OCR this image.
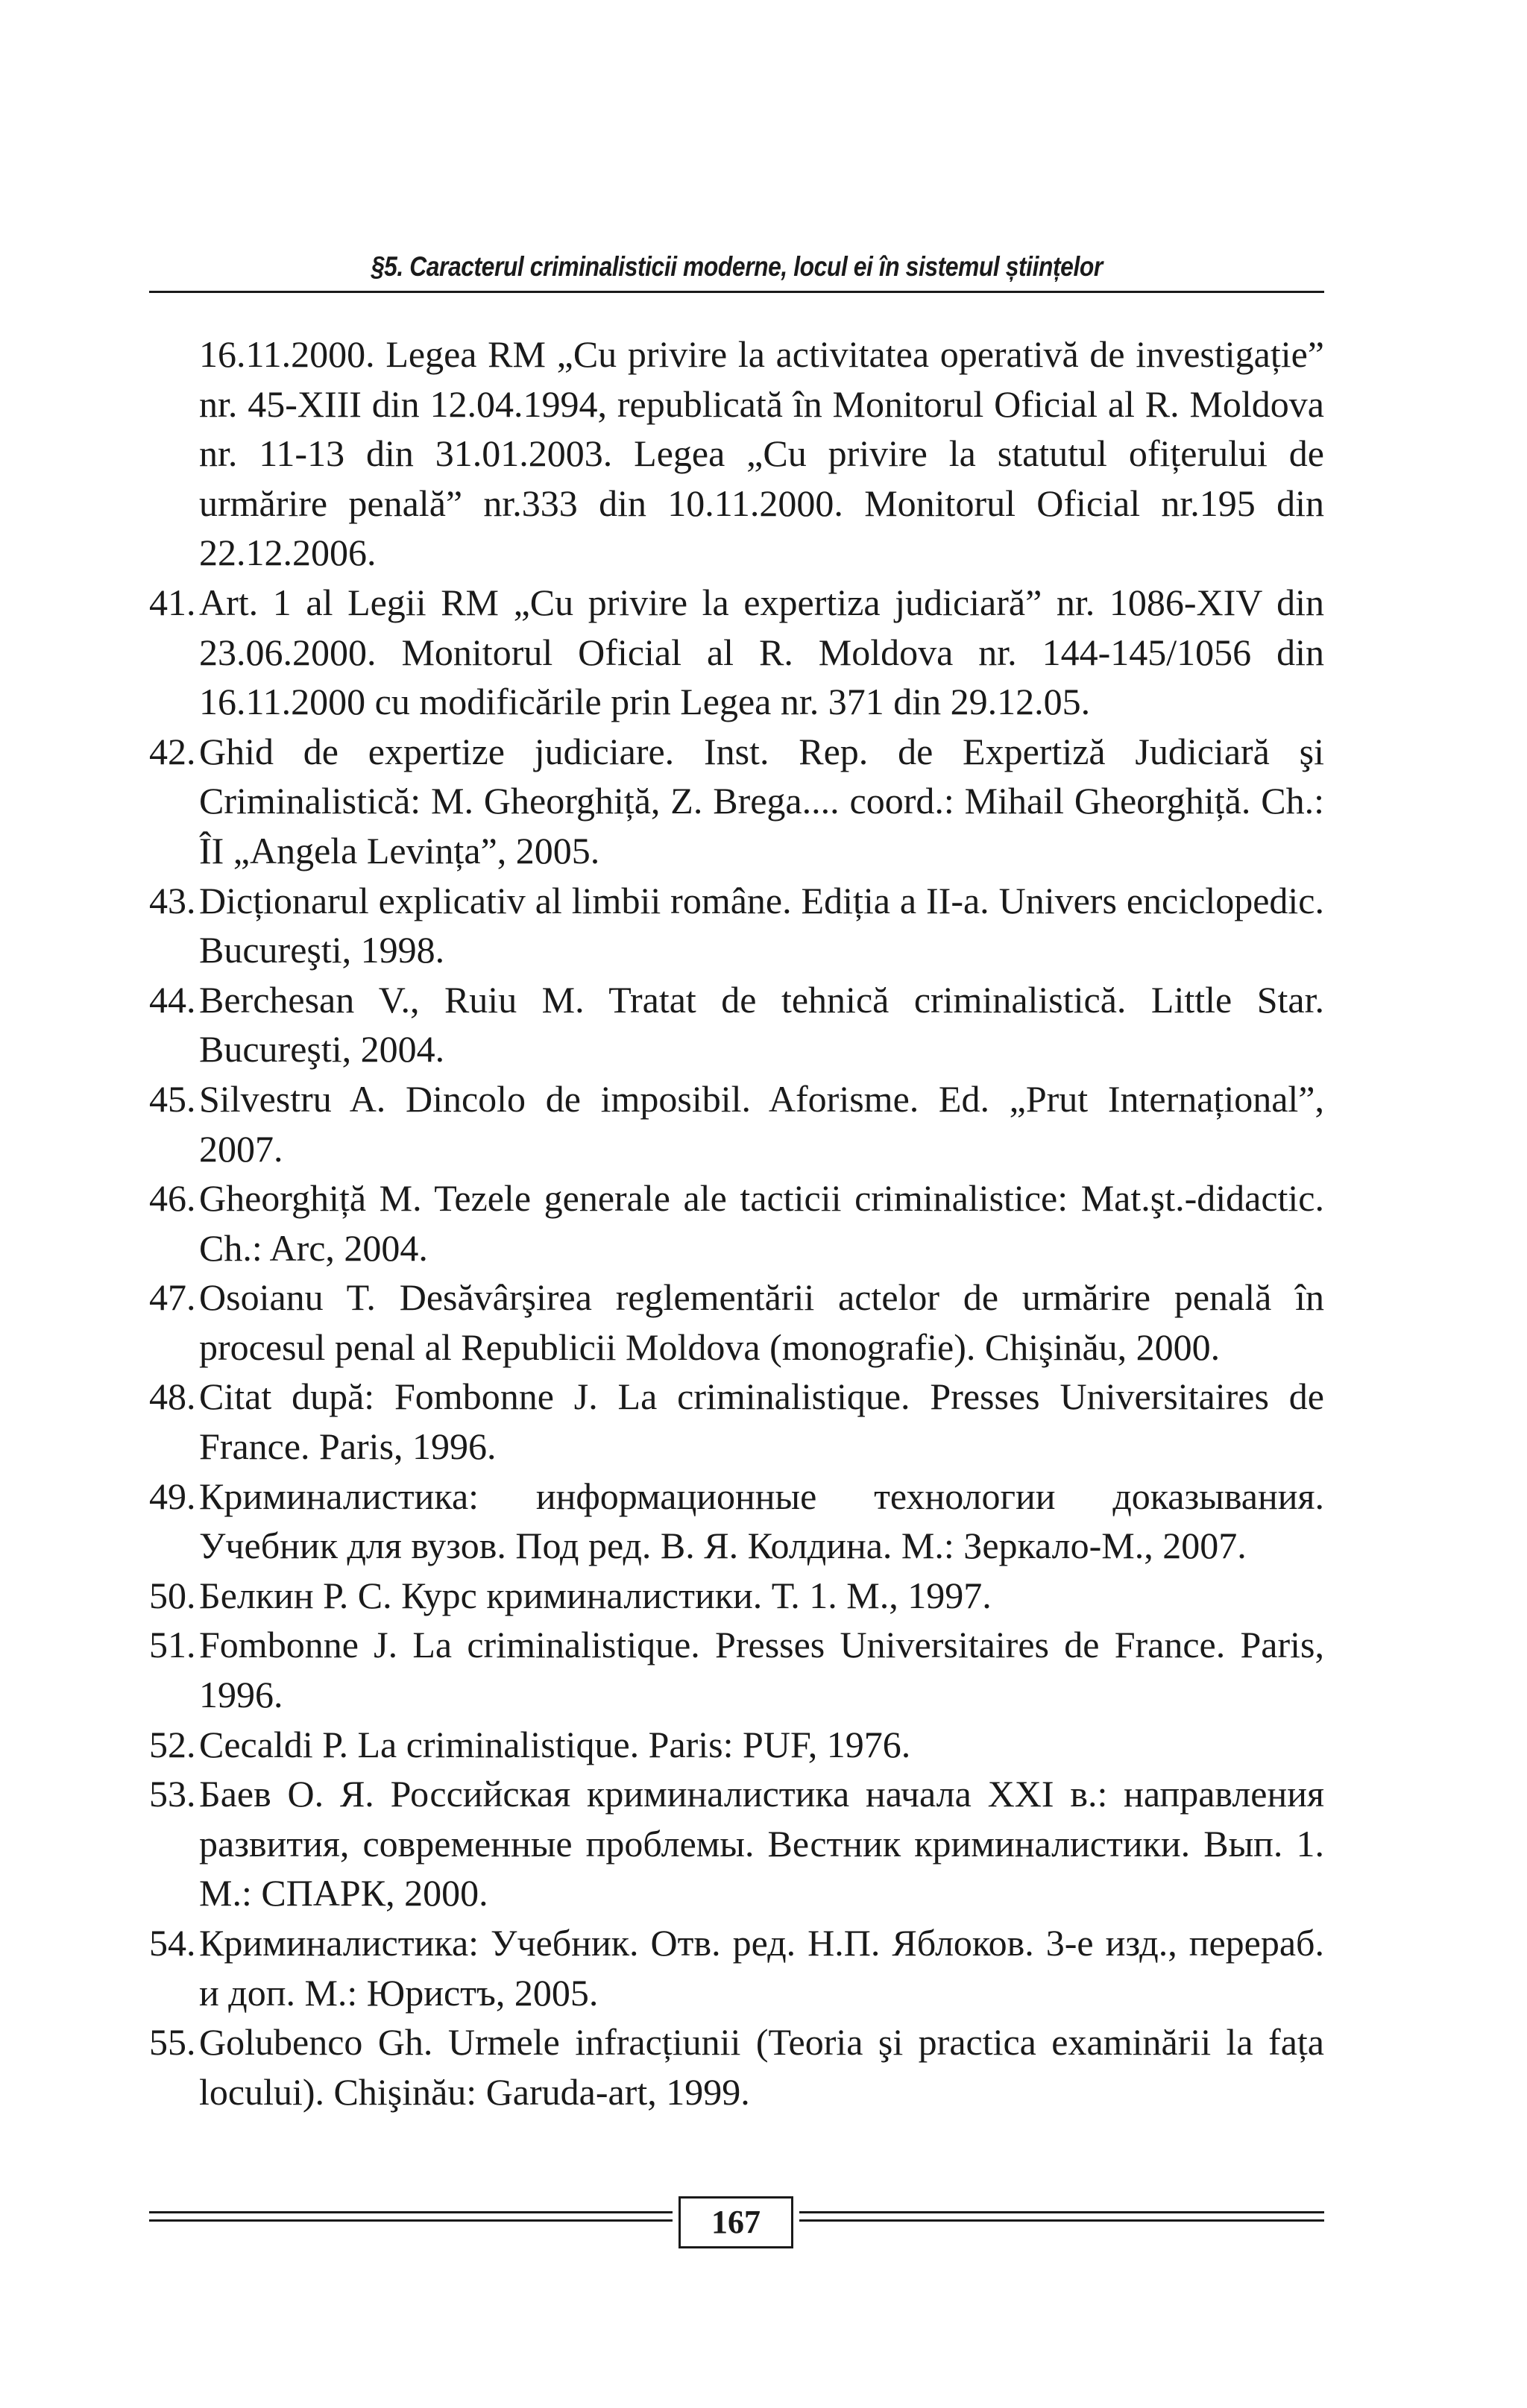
§5. Caracterul criminalisticii moderne, locul ei în sistemul științelor

16.11.2000. Legea RM „Cu privire la activitatea operativă de investigație” nr. 45-XIII din 12.04.1994, republicată în Monitorul Oficial al R. Moldova nr. 11-13 din 31.01.2003. Legea „Cu privire la statutul ofițerului de urmărire penală” nr.333 din 10.11.2000. Monitorul Oficial nr.195 din 22.12.2006.

41. Art. 1 al Legii RM „Cu privire la expertiza judiciară” nr. 1086-XIV din 23.06.2000. Monitorul Oficial al R. Moldova nr. 144-145/1056 din 16.11.2000 cu modificările prin Legea nr. 371 din 29.12.05.
42. Ghid de expertize judiciare. Inst. Rep. de Expertiză Judiciară şi Criminalistică: M. Gheorghiță, Z. Brega.... coord.: Mihail Gheorghiță. Ch.: ÎI „Angela Levința”, 2005.
43. Dicționarul explicativ al limbii române. Ediția a II-a. Univers enciclopedic. Bucureşti, 1998.
44. Berchesan V., Ruiu M. Tratat de tehnică criminalistică. Little Star. Bucureşti, 2004.
45. Silvestru A. Dincolo de imposibil. Aforisme. Ed. „Prut Internațional”, 2007.
46. Gheorghiță M. Tezele generale ale tacticii criminalistice: Mat.şt.-didactic. Ch.: Arc, 2004.
47. Osoianu T. Desăvârşirea reglementării actelor de urmărire penală în procesul penal al Republicii Moldova (monografie). Chişinău, 2000.
48. Citat după: Fombonne J. La criminalistique. Presses Universitaires de France. Paris, 1996.
49. Криминалистика: информационные технологии доказывания. Учебник для вузов. Под ред. В. Я. Колдина. М.: Зеркало-М., 2007.
50. Белкин Р. С. Курс криминалистики. Т. 1. М., 1997.
51. Fombonne J. La criminalistique. Presses Universitaires de France. Paris, 1996.
52. Cecaldi P. La criminalistique. Paris: PUF, 1976.
53. Баев О. Я. Российская криминалистика начала XXI в.: направления развития, современные проблемы. Вестник криминалистики. Вып. 1. М.: СПАРК, 2000.
54. Криминалистика: Учебник. Отв. ред. Н.П. Яблоков. 3-е изд., перераб. и доп. М.: Юристъ, 2005.
55. Golubenco Gh. Urmele infracțiunii (Teoria şi practica examinării la fața locului). Chişinău: Garuda-art, 1999.
167
